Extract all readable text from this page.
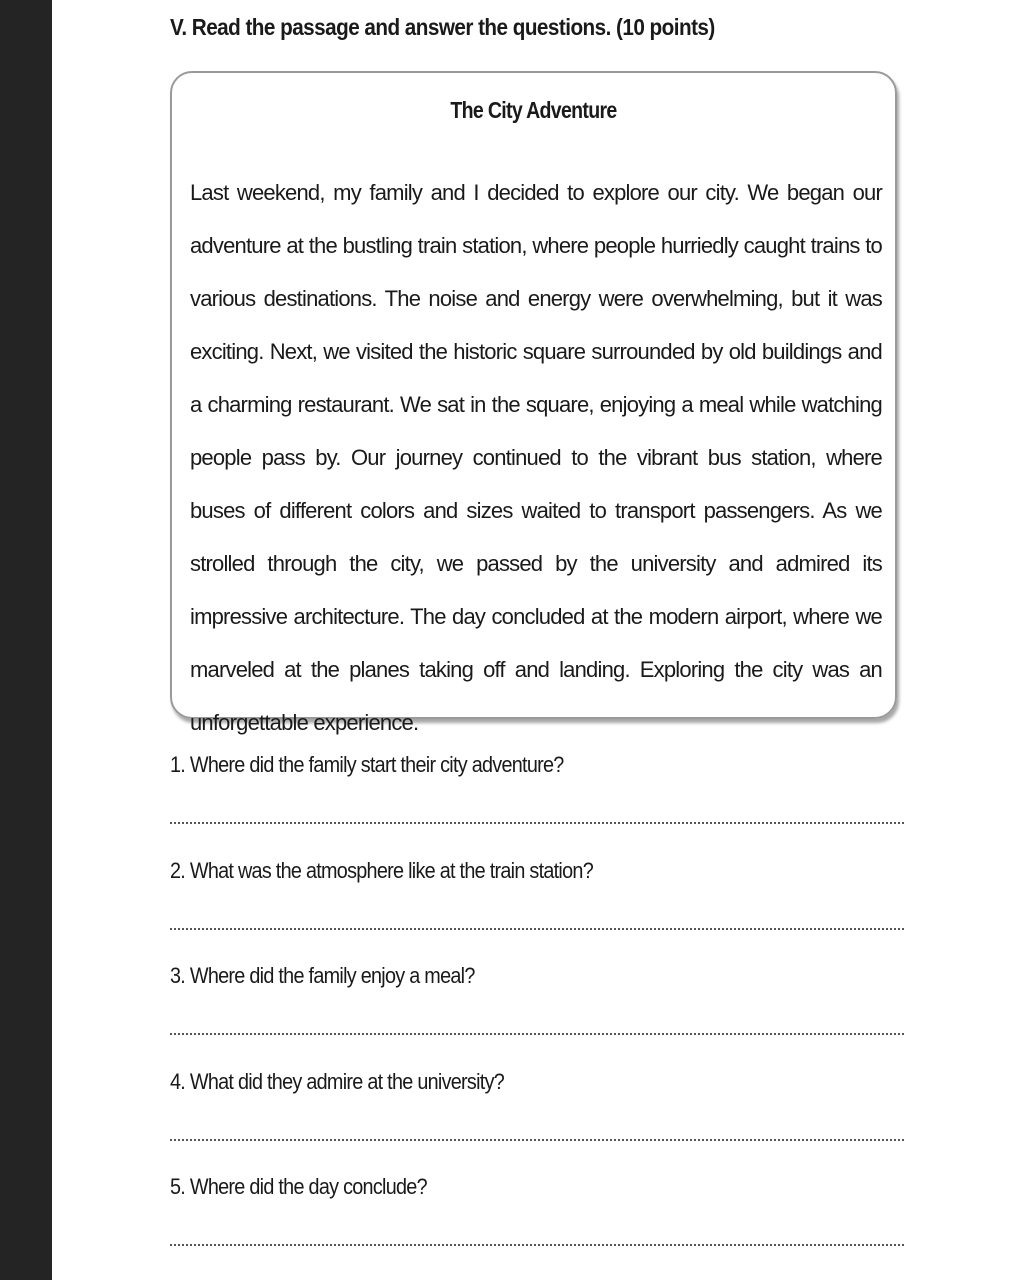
V. Read the passage and answer the questions. (10 points)
The City Adventure

Last weekend, my family and I decided to explore our city. We began our adventure at the bustling train station, where people hurriedly caught trains to various destinations. The noise and energy were overwhelming, but it was exciting. Next, we visited the historic square surrounded by old buildings and a charming restaurant. We sat in the square, enjoying a meal while watching people pass by. Our journey continued to the vibrant bus station, where buses of different colors and sizes waited to transport passengers. As we strolled through the city, we passed by the university and admired its impressive architecture. The day concluded at the modern airport, where we marveled at the planes taking off and landing. Exploring the city was an unforgettable experience.

1. Where did the family start their city adventure?
2. What was the atmosphere like at the train station?
3. Where did the family enjoy a meal?
4. What did they admire at the university?
5. Where did the day conclude?
